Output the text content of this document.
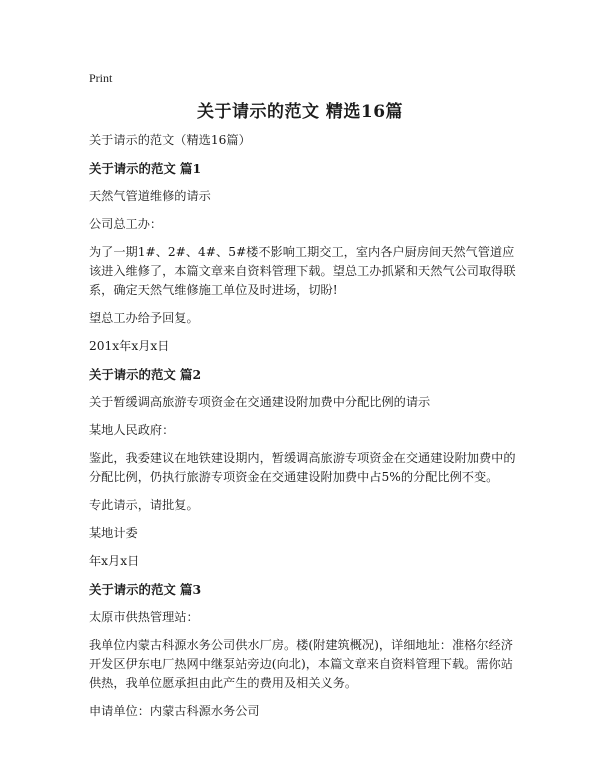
Print
关于请示的范文 精选16篇

关于请示的范文（精选16篇）

关于请示的范文 篇1

天然气管道维修的请示

公司总工办：

为了一期1#、2#、4#、5#楼不影响工期交工，室内各户厨房间天然气管道应该进入维修了，本篇文章来自资料管理下载。望总工办抓紧和天然气公司取得联系，确定天然气维修施工单位及时进场，切盼!

望总工办给予回复。

201x年x月x日

关于请示的范文 篇2

关于暂缓调高旅游专项资金在交通建设附加费中分配比例的请示

某地人民政府：

鉴此，我委建议在地铁建设期内，暂缓调高旅游专项资金在交通建设附加费中的分配比例，仍执行旅游专项资金在交通建设附加费中占5%的分配比例不变。

专此请示，请批复。

某地计委

年x月x日

关于请示的范文 篇3

太原市供热管理站：

我单位内蒙古科源水务公司供水厂房。楼(附建筑概况)，详细地址：准格尔经济开发区伊东电厂热网中继泵站旁边(向北)，本篇文章来自资料管理下载。需你站供热，我单位愿承担由此产生的费用及相关义务。

申请单位：内蒙古科源水务公司
